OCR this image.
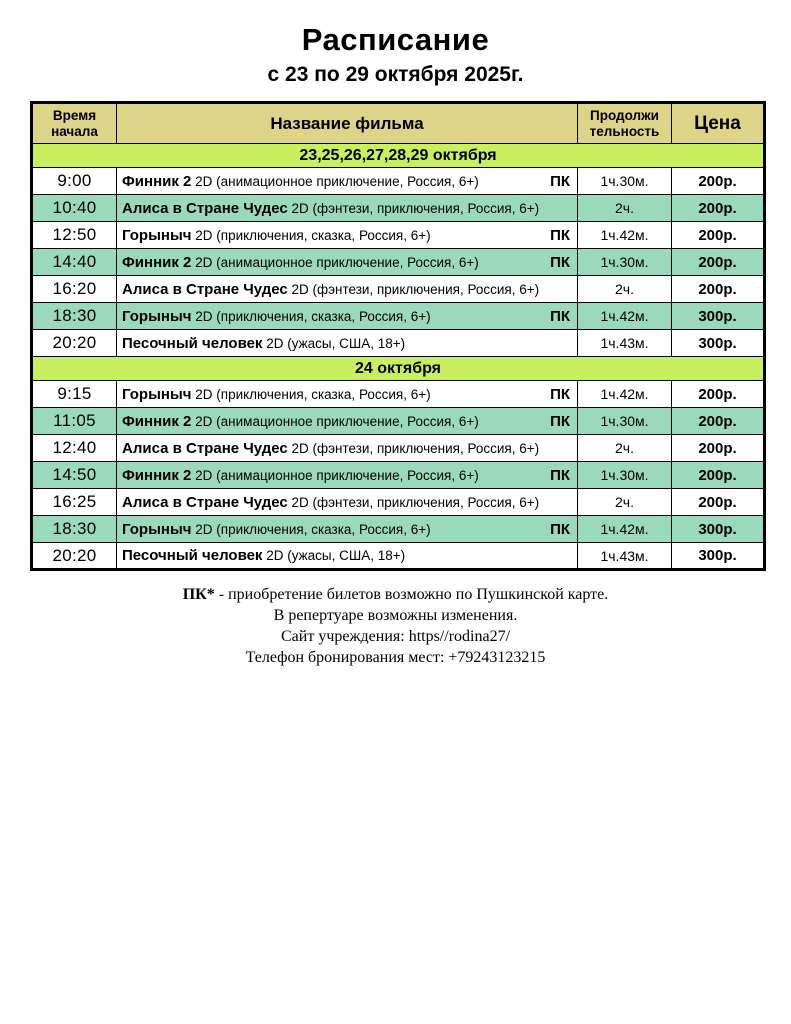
Расписание
с 23 по 29 октября 2025г.
Время начала	Название фильма	Продолжи тельность	Цена
23,25,26,27,28,29 октября			
9:00	Финник 2 2D (анимационное приключение, Россия, 6+) ПК	1ч.30м.	200р.
10:40	Алиса в Стране Чудес 2D (фэнтези, приключения, Россия, 6+)	2ч.	200р.
12:50	Горыныч 2D (приключения, сказка, Россия, 6+) ПК	1ч.42м.	200р.
14:40	Финник 2 2D (анимационное приключение, Россия, 6+) ПК	1ч.30м.	200р.
16:20	Алиса в Стране Чудес 2D (фэнтези, приключения, Россия, 6+)	2ч.	200р.
18:30	Горыныч 2D (приключения, сказка, Россия, 6+) ПК	1ч.42м.	300р.
20:20	Песочный человек 2D (ужасы, США, 18+)	1ч.43м.	300р.
24 октября			
9:15	Горыныч 2D (приключения, сказка, Россия, 6+) ПК	1ч.42м.	200р.
11:05	Финник 2 2D (анимационное приключение, Россия, 6+) ПК	1ч.30м.	200р.
12:40	Алиса в Стране Чудес 2D (фэнтези, приключения, Россия, 6+)	2ч.	200р.
14:50	Финник 2 2D (анимационное приключение, Россия, 6+) ПК	1ч.30м.	200р.
16:25	Алиса в Стране Чудес 2D (фэнтези, приключения, Россия, 6+)	2ч.	200р.
18:30	Горыныч 2D (приключения, сказка, Россия, 6+) ПК	1ч.42м.	300р.
20:20	Песочный человек 2D (ужасы, США, 18+)	1ч.43м.	300р.
ПК* - приобретение билетов возможно по Пушкинской карте.
В репертуаре возможны изменения.
Сайт учреждения: https//rodina27/
Телефон бронирования мест: +79243123215
